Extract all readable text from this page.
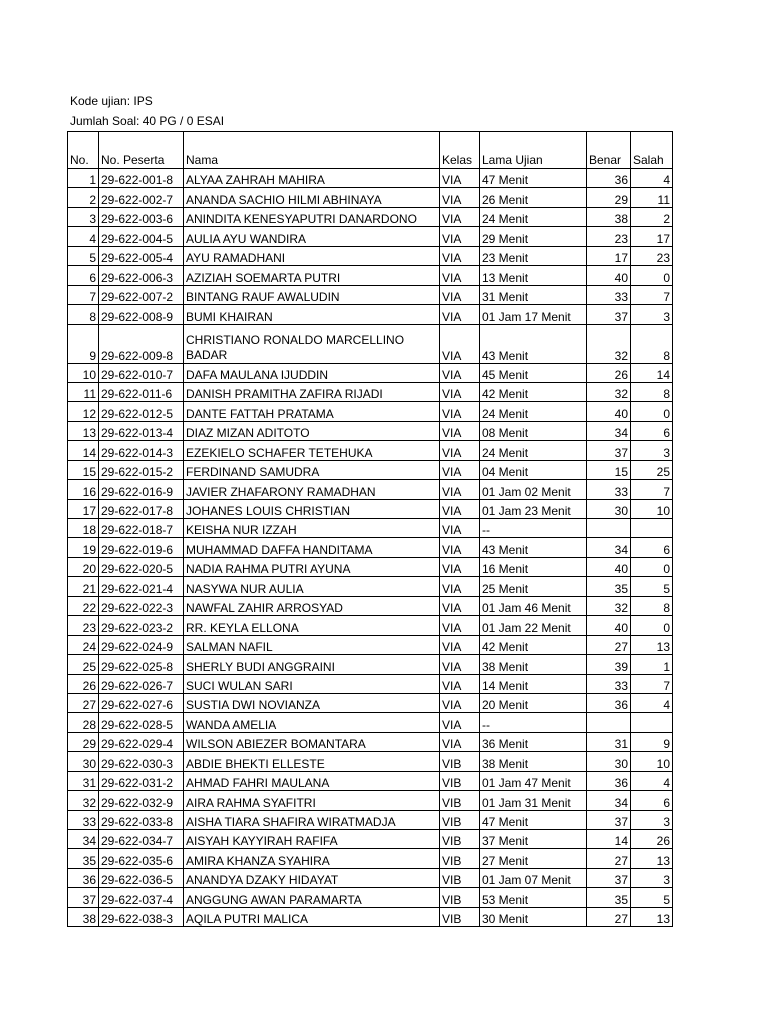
Kode ujian: IPS
Jumlah Soal: 40 PG / 0 ESAI
No.	No. Peserta	Nama	Kelas	Lama Ujian	Benar	Salah
1	29-622-001-8	ALYAA ZAHRAH MAHIRA	VIA	47 Menit	36	4
2	29-622-002-7	ANANDA SACHIO HILMI ABHINAYA	VIA	26 Menit	29	11
3	29-622-003-6	ANINDITA KENESYAPUTRI DANARDONO	VIA	24 Menit	38	2
4	29-622-004-5	AULIA AYU WANDIRA	VIA	29 Menit	23	17
5	29-622-005-4	AYU RAMADHANI	VIA	23 Menit	17	23
6	29-622-006-3	AZIZIAH SOEMARTA PUTRI	VIA	13 Menit	40	0
7	29-622-007-2	BINTANG RAUF AWALUDIN	VIA	31 Menit	33	7
8	29-622-008-9	BUMI KHAIRAN	VIA	01 Jam 17 Menit	37	3
9	29-622-009-8	CHRISTIANO RONALDO MARCELLINO BADAR	VIA	43 Menit	32	8
10	29-622-010-7	DAFA MAULANA IJUDDIN	VIA	45 Menit	26	14
11	29-622-011-6	DANISH PRAMITHA ZAFIRA RIJADI	VIA	42 Menit	32	8
12	29-622-012-5	DANTE FATTAH PRATAMA	VIA	24 Menit	40	0
13	29-622-013-4	DIAZ MIZAN ADITOTO	VIA	08 Menit	34	6
14	29-622-014-3	EZEKIELO SCHAFER TETEHUKA	VIA	24 Menit	37	3
15	29-622-015-2	FERDINAND SAMUDRA	VIA	04 Menit	15	25
16	29-622-016-9	JAVIER ZHAFARONY RAMADHAN	VIA	01 Jam 02 Menit	33	7
17	29-622-017-8	JOHANES LOUIS CHRISTIAN	VIA	01 Jam 23 Menit	30	10
18	29-622-018-7	KEISHA NUR IZZAH	VIA	--		
19	29-622-019-6	MUHAMMAD DAFFA HANDITAMA	VIA	43 Menit	34	6
20	29-622-020-5	NADIA RAHMA PUTRI AYUNA	VIA	16 Menit	40	0
21	29-622-021-4	NASYWA NUR AULIA	VIA	25 Menit	35	5
22	29-622-022-3	NAWFAL ZAHIR ARROSYAD	VIA	01 Jam 46 Menit	32	8
23	29-622-023-2	RR. KEYLA ELLONA	VIA	01 Jam 22 Menit	40	0
24	29-622-024-9	SALMAN NAFIL	VIA	42 Menit	27	13
25	29-622-025-8	SHERLY BUDI ANGGRAINI	VIA	38 Menit	39	1
26	29-622-026-7	SUCI WULAN SARI	VIA	14 Menit	33	7
27	29-622-027-6	SUSTIA DWI NOVIANZA	VIA	20 Menit	36	4
28	29-622-028-5	WANDA AMELIA	VIA	--		
29	29-622-029-4	WILSON ABIEZER BOMANTARA	VIA	36 Menit	31	9
30	29-622-030-3	ABDIE BHEKTI ELLESTE	VIB	38 Menit	30	10
31	29-622-031-2	AHMAD FAHRI MAULANA	VIB	01 Jam 47 Menit	36	4
32	29-622-032-9	AIRA RAHMA SYAFITRI	VIB	01 Jam 31 Menit	34	6
33	29-622-033-8	AISHA TIARA SHAFIRA WIRATMADJA	VIB	47 Menit	37	3
34	29-622-034-7	AISYAH KAYYIRAH RAFIFA	VIB	37 Menit	14	26
35	29-622-035-6	AMIRA KHANZA SYAHIRA	VIB	27 Menit	27	13
36	29-622-036-5	ANANDYA DZAKY HIDAYAT	VIB	01 Jam 07 Menit	37	3
37	29-622-037-4	ANGGUNG AWAN PARAMARTA	VIB	53 Menit	35	5
38	29-622-038-3	AQILA PUTRI MALICA	VIB	30 Menit	27	13
